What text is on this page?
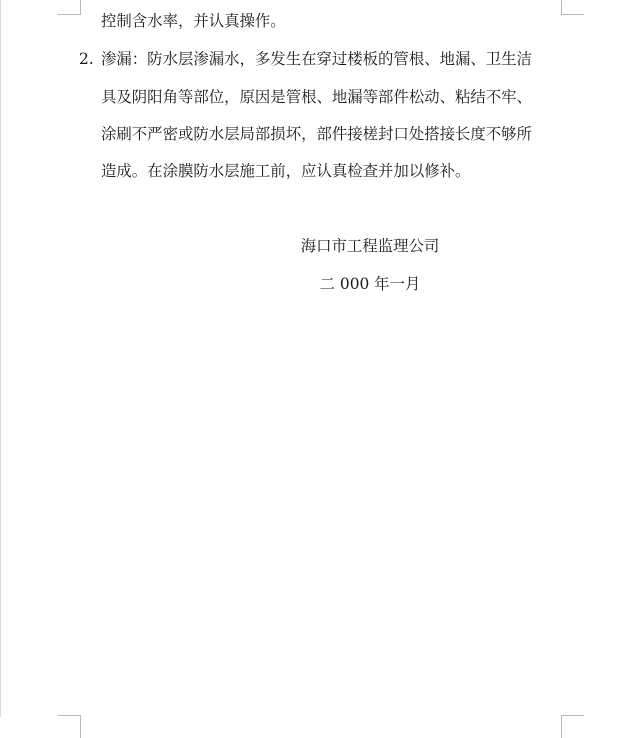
控制含水率，并认真操作。
2. 渗漏：防水层渗漏水，多发生在穿过楼板的管根、地漏、卫生洁
具及阴阳角等部位，原因是管根、地漏等部件松动、粘结不牢、
涂刷不严密或防水层局部损坏，部件接槎封口处搭接长度不够所
造成。在涂膜防水层施工前，应认真检查并加以修补。
海口市工程监理公司
二 000 年一月
